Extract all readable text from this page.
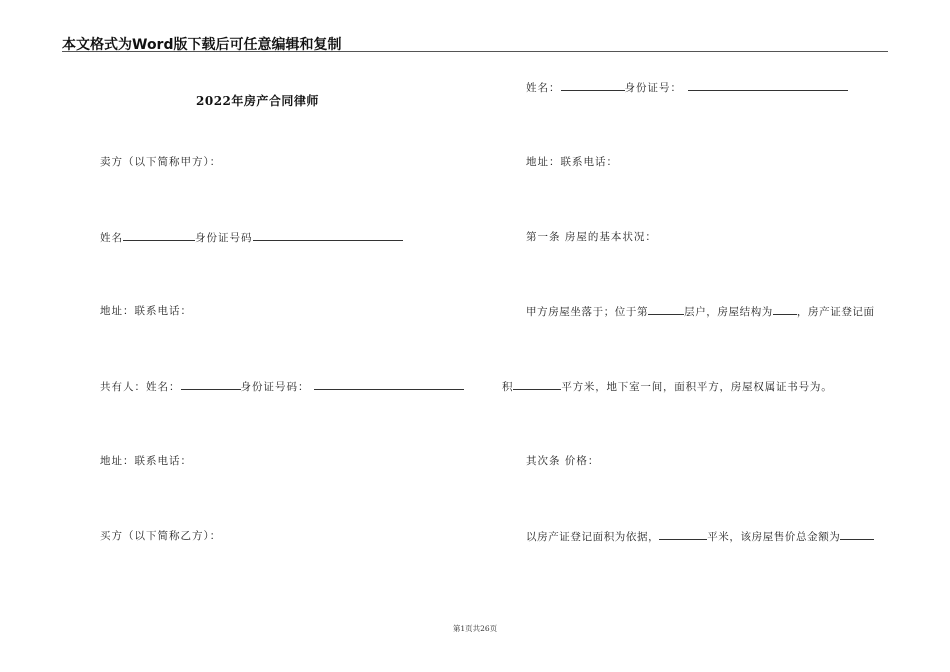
本文格式为Word版下载后可任意编辑和复制
2022年房产合同律师
卖方（以下简称甲方）：
姓名	身份证号码
地址：联系电话：
共有人：姓名：	身份证号码：
地址：联系电话：
买方（以下简称乙方）：
姓名：	身份证号：
地址：联系电话：
第一条 房屋的基本状况：
甲方房屋坐落于；位于第	层户，房屋结构为 ，房产证登记面
积	平方米，地下室一间，面积平方，房屋权属证书号为。
其次条 价格：
以房产证登记面积为依据，	平米，该房屋售价总金额为
第1页共26页
